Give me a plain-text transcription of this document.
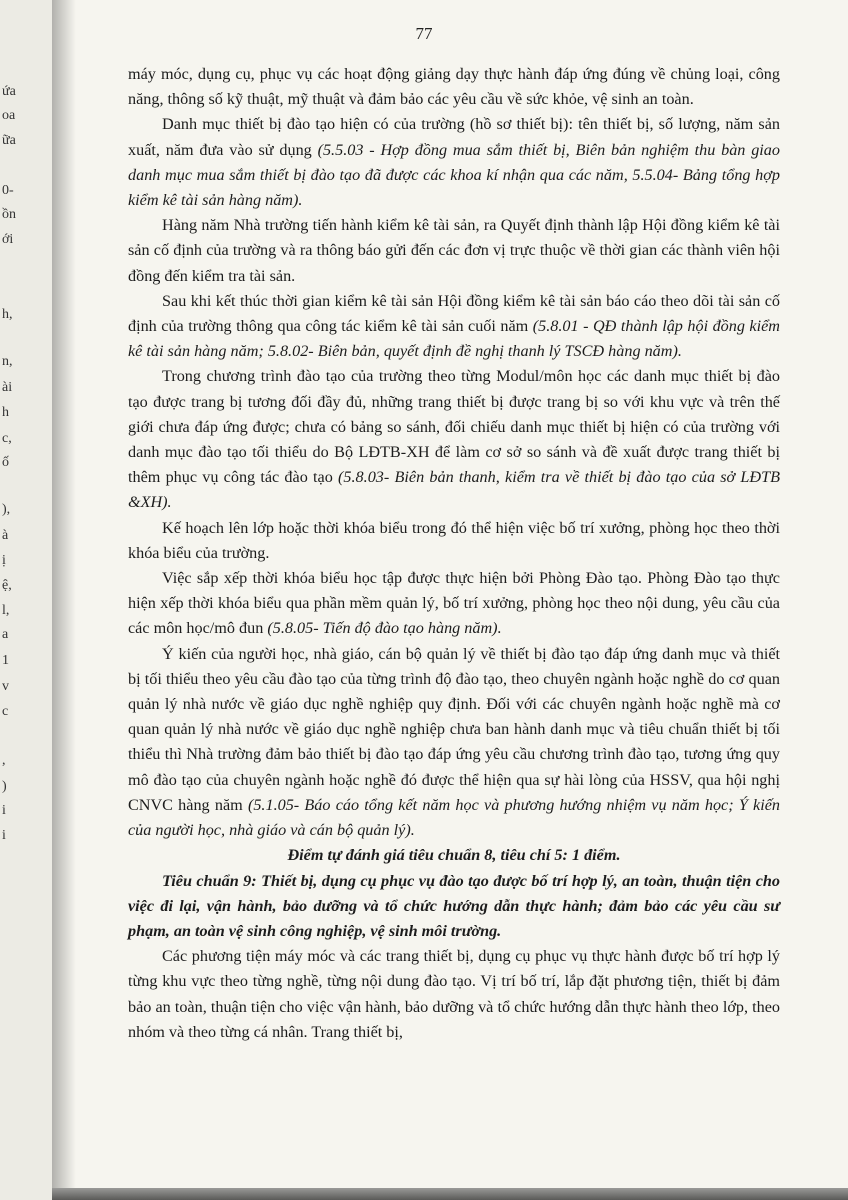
ứa
oa
ữa
0-
ồn
ới
h,
n,
ài
h
c,
ố
),
à
ị
ệ,
l,
a
1
v
c
,
)
i
i
77

máy móc, dụng cụ, phục vụ các hoạt động giảng dạy thực hành đáp ứng đúng về chủng loại, công năng, thông số kỹ thuật, mỹ thuật và đảm bảo các yêu cầu về sức khỏe, vệ sinh an toàn.

Danh mục thiết bị đào tạo hiện có của trường (hồ sơ thiết bị): tên thiết bị, số lượng, năm sản xuất, năm đưa vào sử dụng (5.5.03 - Hợp đồng mua sắm thiết bị, Biên bản nghiệm thu bàn giao danh mục mua sắm thiết bị đào tạo đã được các khoa kí nhận qua các năm, 5.5.04- Bảng tổng hợp kiểm kê tài sản hàng năm).

Hàng năm Nhà trường tiến hành kiểm kê tài sản, ra Quyết định thành lập Hội đồng kiểm kê tài sản cố định của trường và ra thông báo gửi đến các đơn vị trực thuộc về thời gian các thành viên hội đồng đến kiểm tra tài sản.

Sau khi kết thúc thời gian kiểm kê tài sản Hội đồng kiểm kê tài sản báo cáo theo dõi tài sản cố định của trường thông qua công tác kiểm kê tài sản cuối năm (5.8.01 - QĐ thành lập hội đồng kiểm kê tài sản hàng năm; 5.8.02- Biên bản, quyết định đề nghị thanh lý TSCĐ hàng năm).

Trong chương trình đào tạo của trường theo từng Modul/môn học các danh mục thiết bị đào tạo được trang bị tương đối đầy đủ, những trang thiết bị được trang bị so với khu vực và trên thế giới chưa đáp ứng được; chưa có bảng so sánh, đối chiếu danh mục thiết bị hiện có của trường với danh mục đào tạo tối thiểu do Bộ LĐTB-XH để làm cơ sở so sánh và đề xuất được trang thiết bị thêm phục vụ công tác đào tạo (5.8.03- Biên bản thanh, kiểm tra về thiết bị đào tạo của sở LĐTB &XH).

Kế hoạch lên lớp hoặc thời khóa biểu trong đó thể hiện việc bố trí xưởng, phòng học theo thời khóa biểu của trường.

Việc sắp xếp thời khóa biểu học tập được thực hiện bởi Phòng Đào tạo. Phòng Đào tạo thực hiện xếp thời khóa biểu qua phần mềm quản lý, bố trí xưởng, phòng học theo nội dung, yêu cầu của các môn học/mô đun (5.8.05- Tiến độ đào tạo hàng năm).

Ý kiến của người học, nhà giáo, cán bộ quản lý về thiết bị đào tạo đáp ứng danh mục và thiết bị tối thiểu theo yêu cầu đào tạo của từng trình độ đào tạo, theo chuyên ngành hoặc nghề do cơ quan quản lý nhà nước về giáo dục nghề nghiệp quy định. Đối với các chuyên ngành hoặc nghề mà cơ quan quản lý nhà nước về giáo dục nghề nghiệp chưa ban hành danh mục và tiêu chuẩn thiết bị tối thiểu thì Nhà trường đảm bảo thiết bị đào tạo đáp ứng yêu cầu chương trình đào tạo, tương ứng quy mô đào tạo của chuyên ngành hoặc nghề đó được thể hiện qua sự hài lòng của HSSV, qua hội nghị CNVC hàng năm (5.1.05- Báo cáo tổng kết năm học và phương hướng nhiệm vụ năm học; Ý kiến của người học, nhà giáo và cán bộ quản lý).

Điểm tự đánh giá tiêu chuẩn 8, tiêu chí 5: 1 điểm.

Tiêu chuẩn 9: Thiết bị, dụng cụ phục vụ đào tạo được bố trí hợp lý, an toàn, thuận tiện cho việc đi lại, vận hành, bảo dưỡng và tổ chức hướng dẫn thực hành; đảm bảo các yêu cầu sư phạm, an toàn vệ sinh công nghiệp, vệ sinh môi trường.

Các phương tiện máy móc và các trang thiết bị, dụng cụ phục vụ thực hành được bố trí hợp lý từng khu vực theo từng nghề, từng nội dung đào tạo. Vị trí bố trí, lắp đặt phương tiện, thiết bị đảm bảo an toàn, thuận tiện cho việc vận hành, bảo dưỡng và tổ chức hướng dẫn thực hành theo lớp, theo nhóm và theo từng cá nhân. Trang thiết bị,
